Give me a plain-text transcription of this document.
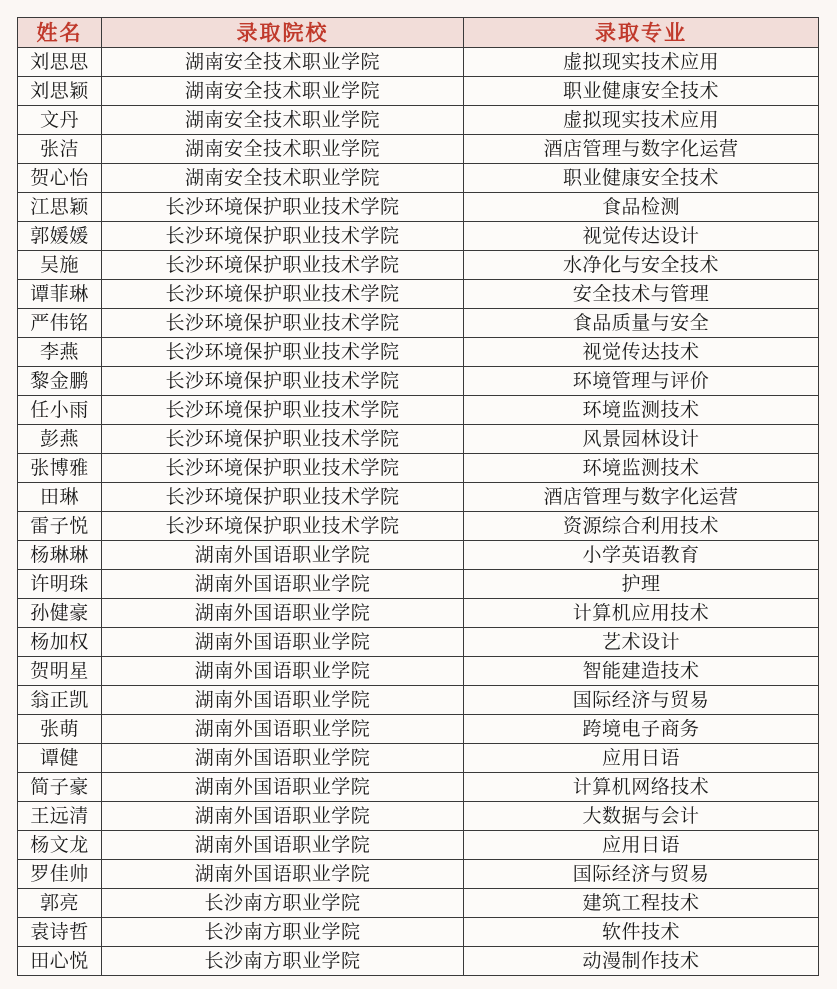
姓名	录取院校	录取专业
刘思思	湖南安全技术职业学院	虚拟现实技术应用
刘思颖	湖南安全技术职业学院	职业健康安全技术
文丹	湖南安全技术职业学院	虚拟现实技术应用
张洁	湖南安全技术职业学院	酒店管理与数字化运营
贺心怡	湖南安全技术职业学院	职业健康安全技术
江思颖	长沙环境保护职业技术学院	食品检测
郭媛媛	长沙环境保护职业技术学院	视觉传达设计
吴施	长沙环境保护职业技术学院	水净化与安全技术
谭菲琳	长沙环境保护职业技术学院	安全技术与管理
严伟铭	长沙环境保护职业技术学院	食品质量与安全
李燕	长沙环境保护职业技术学院	视觉传达技术
黎金鹏	长沙环境保护职业技术学院	环境管理与评价
任小雨	长沙环境保护职业技术学院	环境监测技术
彭燕	长沙环境保护职业技术学院	风景园林设计
张博雅	长沙环境保护职业技术学院	环境监测技术
田琳	长沙环境保护职业技术学院	酒店管理与数字化运营
雷子悦	长沙环境保护职业技术学院	资源综合利用技术
杨琳琳	湖南外国语职业学院	小学英语教育
许明珠	湖南外国语职业学院	护理
孙健豪	湖南外国语职业学院	计算机应用技术
杨加权	湖南外国语职业学院	艺术设计
贺明星	湖南外国语职业学院	智能建造技术
翁正凯	湖南外国语职业学院	国际经济与贸易
张萌	湖南外国语职业学院	跨境电子商务
谭健	湖南外国语职业学院	应用日语
简子豪	湖南外国语职业学院	计算机网络技术
王远清	湖南外国语职业学院	大数据与会计
杨文龙	湖南外国语职业学院	应用日语
罗佳帅	湖南外国语职业学院	国际经济与贸易
郭亮	长沙南方职业学院	建筑工程技术
袁诗哲	长沙南方职业学院	软件技术
田心悦	长沙南方职业学院	动漫制作技术
